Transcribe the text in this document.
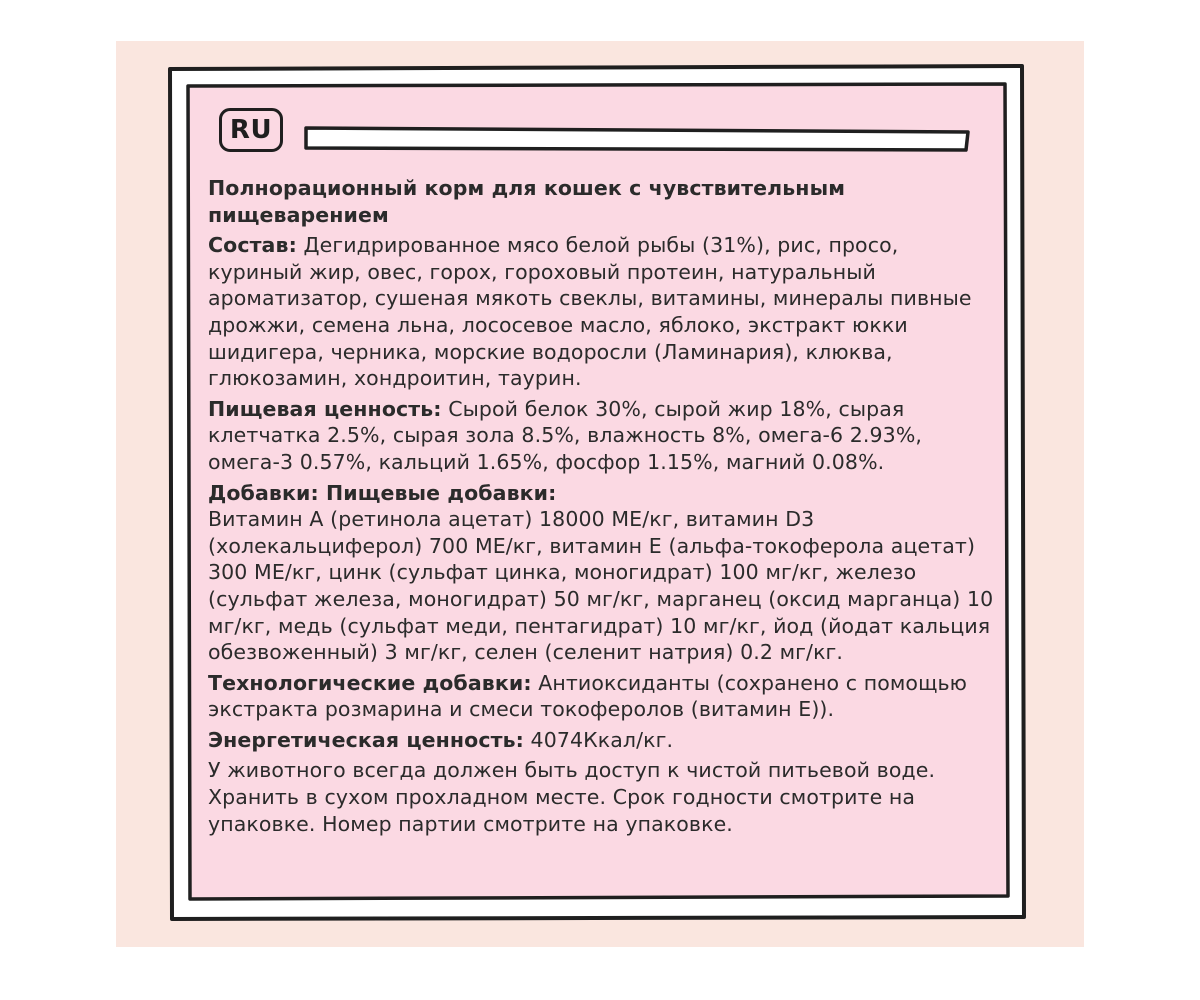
RU

Полнорационный корм для кошек с чувствительным пищеварением

Состав: Дегидрированное мясо белой рыбы (31%), рис, просо, куриный жир, овес, горох, гороховый протеин, натуральный ароматизатор, сушеная мякоть свеклы, витамины, минералы пивные дрожжи, семена льна, лососевое масло, яблоко, экстракт юкки шидигера, черника, морские водоросли (Ламинария), клюква, глюкозамин, хондроитин, таурин.

Пищевая ценность: Сырой белок 30%, сырой жир 18%, сырая клетчатка 2.5%, сырая зола 8.5%, влажность 8%, омега-6 2.93%, омега-3 0.57%, кальций 1.65%, фосфор 1.15%, магний 0.08%.

Добавки: Пищевые добавки:
Витамин А (ретинола ацетат) 18000 МЕ/кг, витамин D3 (холекальциферол) 700 МЕ/кг, витамин Е (альфа-токоферола ацетат) 300 МЕ/кг, цинк (сульфат цинка, моногидрат) 100 мг/кг, железо (сульфат железа, моногидрат) 50 мг/кг, марганец (оксид марганца) 10 мг/кг, медь (сульфат меди, пентагидрат) 10 мг/кг, йод (йодат кальция обезвоженный) 3 мг/кг, селен (селенит натрия) 0.2 мг/кг.

Технологические добавки: Антиоксиданты (сохранено с помощью экстракта розмарина и смеси токоферолов (витамин Е)).

Энергетическая ценность: 4074Ккал/кг.

У животного всегда должен быть доступ к чистой питьевой воде.
Хранить в сухом прохладном месте. Срок годности смотрите на упаковке. Номер партии смотрите на упаковке.
